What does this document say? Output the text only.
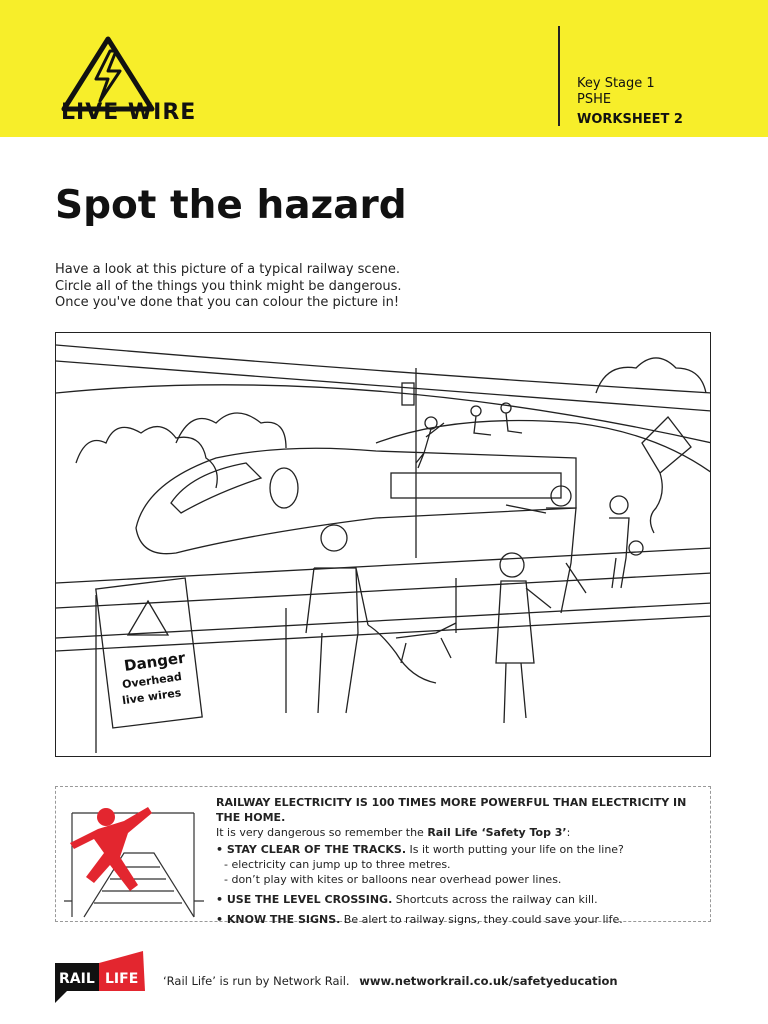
LIVE WIRE
Key Stage 1
PSHE
WORKSHEET 2
Spot the hazard
Have a look at this picture of a typical railway scene.
Circle all of the things you think might be dangerous.
Once you've done that you can colour the picture in!
Danger
Overhead
live wires
RAILWAY ELECTRICITY IS 100 TIMES MORE POWERFUL THAN ELECTRICITY IN THE HOME.
It is very dangerous so remember the Rail Life ‘Safety Top 3’:
• STAY CLEAR OF THE TRACKS. Is it worth putting your life on the line?
- electricity can jump up to three metres.
- don’t play with kites or balloons near overhead power lines.
• USE THE LEVEL CROSSING. Shortcuts across the railway can kill.
• KNOW THE SIGNS. Be alert to railway signs, they could save your life.
RAIL LIFE ‘Rail Life’ is run by Network Rail. www.networkrail.co.uk/safetyeducation
